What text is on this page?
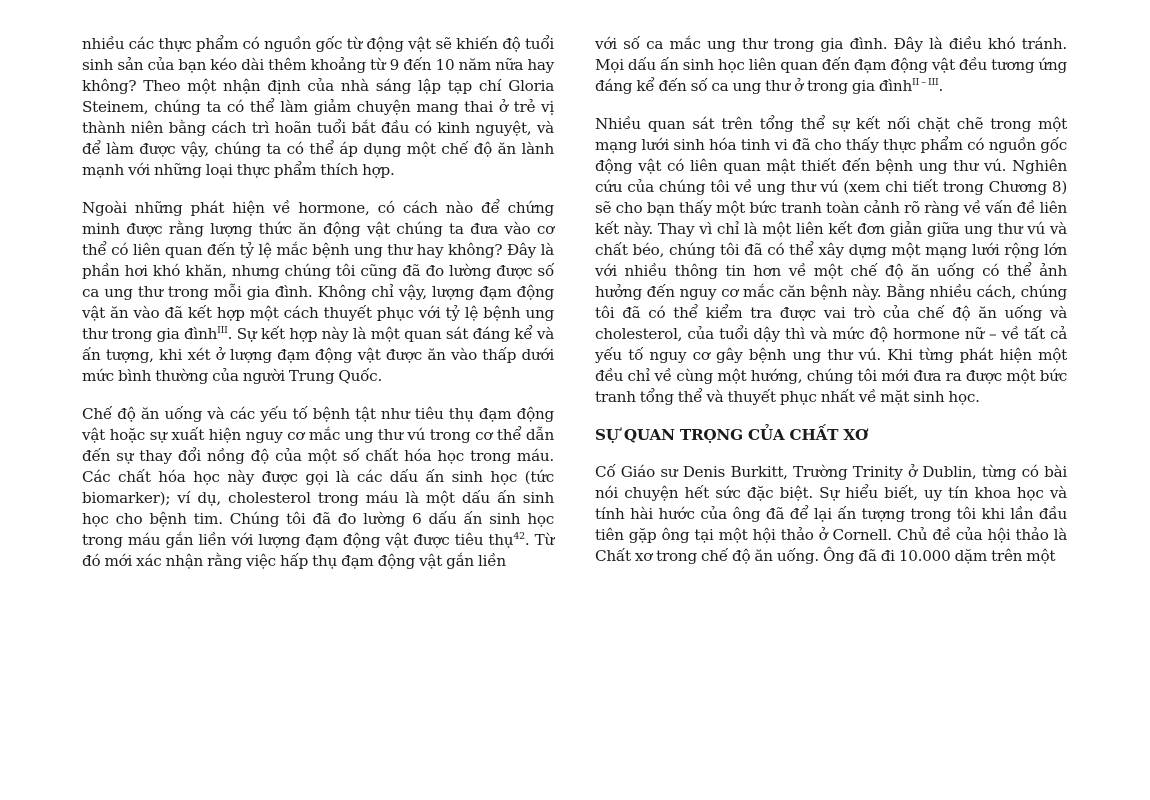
nhiều các thực phẩm có nguồn gốc từ động vật sẽ khiến độ tuổi sinh sản của bạn kéo dài thêm khoảng từ 9 đến 10 năm nữa hay không? Theo một nhận định của nhà sáng lập tạp chí Gloria Steinem, chúng ta có thể làm giảm chuyện mang thai ở trẻ vị thành niên bằng cách trì hoãn tuổi bắt đầu có kinh nguyệt, và để làm được vậy, chúng ta có thể áp dụng một chế độ ăn lành mạnh với những loại thực phẩm thích hợp.

Ngoài những phát hiện về hormone, có cách nào để chứng minh được rằng lượng thức ăn động vật chúng ta đưa vào cơ thể có liên quan đến tỷ lệ mắc bệnh ung thư hay không? Đây là phần hơi khó khăn, nhưng chúng tôi cũng đã đo lường được số ca ung thư trong mỗi gia đình. Không chỉ vậy, lượng đạm động vật ăn vào đã kết hợp một cách thuyết phục với tỷ lệ bệnh ung thư trong gia đình$^{III}$. Sự kết hợp này là một quan sát đáng kể và ấn tượng, khi xét ở lượng đạm động vật được ăn vào thấp dưới mức bình thường của người Trung Quốc.

Chế độ ăn uống và các yếu tố bệnh tật như tiêu thụ đạm động vật hoặc sự xuất hiện nguy cơ mắc ung thư vú trong cơ thể dẫn đến sự thay đổi nồng độ của một số chất hóa học trong máu. Các chất hóa học này được gọi là các dấu ấn sinh học (tức biomarker); ví dụ, cholesterol trong máu là một dấu ấn sinh học cho bệnh tim. Chúng tôi đã đo lường 6 dấu ấn sinh học trong máu gắn liền với lượng đạm động vật được tiêu thụ$^{42}$. Từ đó mới xác nhận rằng việc hấp thụ đạm động vật gắn liền

với số ca mắc ung thư trong gia đình. Đây là điều khó tránh. Mọi dấu ấn sinh học liên quan đến đạm động vật đều tương ứng đáng kể đến số ca ung thư ở trong gia đình$^{II - III}$.

Nhiều quan sát trên tổng thể sự kết nối chặt chẽ trong một mạng lưới sinh hóa tinh vi đã cho thấy thực phẩm có nguồn gốc động vật có liên quan mật thiết đến bệnh ung thư vú. Nghiên cứu của chúng tôi về ung thư vú (xem chi tiết trong Chương 8) sẽ cho bạn thấy một bức tranh toàn cảnh rõ ràng về vấn đề liên kết này. Thay vì chỉ là một liên kết đơn giản giữa ung thư vú và chất béo, chúng tôi đã có thể xây dựng một mạng lưới rộng lớn với nhiều thông tin hơn về một chế độ ăn uống có thể ảnh hưởng đến nguy cơ mắc căn bệnh này. Bằng nhiều cách, chúng tôi đã có thể kiểm tra được vai trò của chế độ ăn uống và cholesterol, của tuổi dậy thì và mức độ hormone nữ – về tất cả yếu tố nguy cơ gây bệnh ung thư vú. Khi từng phát hiện một đều chỉ về cùng một hướng, chúng tôi mới đưa ra được một bức tranh tổng thể và thuyết phục nhất về mặt sinh học.

SỰ QUAN TRỌNG CỦA CHẤT XƠ

Cố Giáo sư Denis Burkitt, Trường Trinity ở Dublin, từng có bài nói chuyện hết sức đặc biệt. Sự hiểu biết, uy tín khoa học và tính hài hước của ông đã để lại ấn tượng trong tôi khi lần đầu tiên gặp ông tại một hội thảo ở Cornell. Chủ đề của hội thảo là Chất xơ trong chế độ ăn uống. Ông đã đi 10.000 dặm trên một
